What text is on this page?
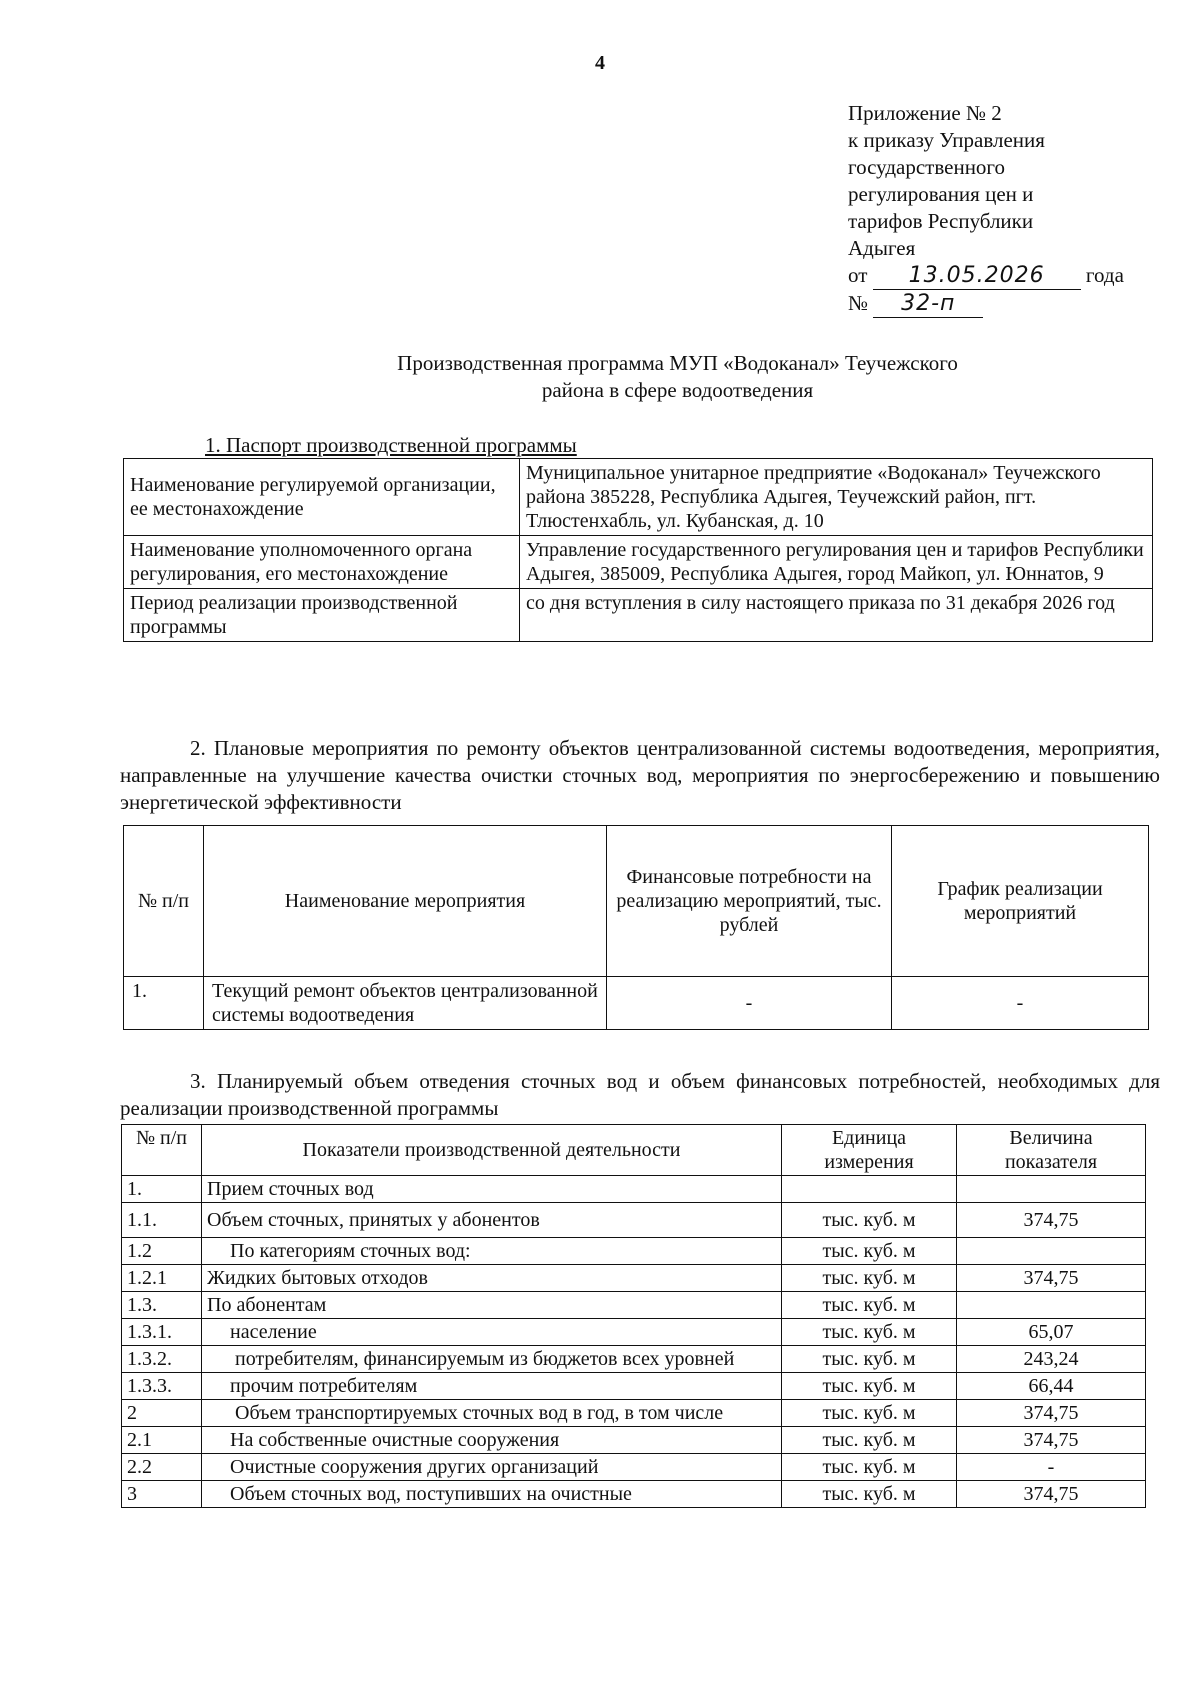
4
Приложение № 2
к приказу Управления
государственного
регулирования цен и
тарифов Республики
Адыгея
от 13.05.2026 года
№ 32-п
Производственная программа МУП «Водоканал» Теучежского
района в сфере водоотведения
1. Паспорт производственной программы
Наименование регулируемой организации, ее местонахождение	Муниципальное унитарное предприятие «Водоканал» Теучежского района 385228, Республика Адыгея, Теучежский район, пгт. Тлюстенхабль, ул. Кубанская, д. 10
Наименование уполномоченного органа регулирования, его местонахождение	Управление государственного регулирования цен и тарифов Республики Адыгея, 385009, Республика Адыгея, город Майкоп, ул. Юннатов, 9
Период реализации производственной программы	со дня вступления в силу настоящего приказа по 31 декабря 2026 год
2. Плановые мероприятия по ремонту объектов централизованной системы водоотведения, мероприятия, направленные на улучшение качества очистки сточных вод, мероприятия по энергосбережению и повышению энергетической эффективности
№ п/п	Наименование мероприятия	Финансовые потребности на реализацию мероприятий, тыс. рублей	График реализации мероприятий
1.	Текущий ремонт объектов централизованной системы водоотведения	-	-
3. Планируемый объем отведения сточных вод и объем финансовых потребностей, необходимых для реализации производственной программы
№ п/п	Показатели производственной деятельности	Единица измерения	Величина показателя
1.	Прием сточных вод		
1.1.	Объем сточных, принятых у абонентов	тыс. куб. м	374,75
1.2	По категориям сточных вод:	тыс. куб. м	
1.2.1	Жидких бытовых отходов	тыс. куб. м	374,75
1.3.	По абонентам	тыс. куб. м	
1.3.1.	население	тыс. куб. м	65,07
1.3.2.	потребителям, финансируемым из бюджетов всех уровней	тыс. куб. м	243,24
1.3.3.	прочим потребителям	тыс. куб. м	66,44
2	Объем транспортируемых сточных вод в год, в том числе	тыс. куб. м	374,75
2.1	На собственные очистные сооружения	тыс. куб. м	374,75
2.2	Очистные сооружения других организаций	тыс. куб. м	-
3	Объем сточных вод, поступивших на очистные	тыс. куб. м	374,75
